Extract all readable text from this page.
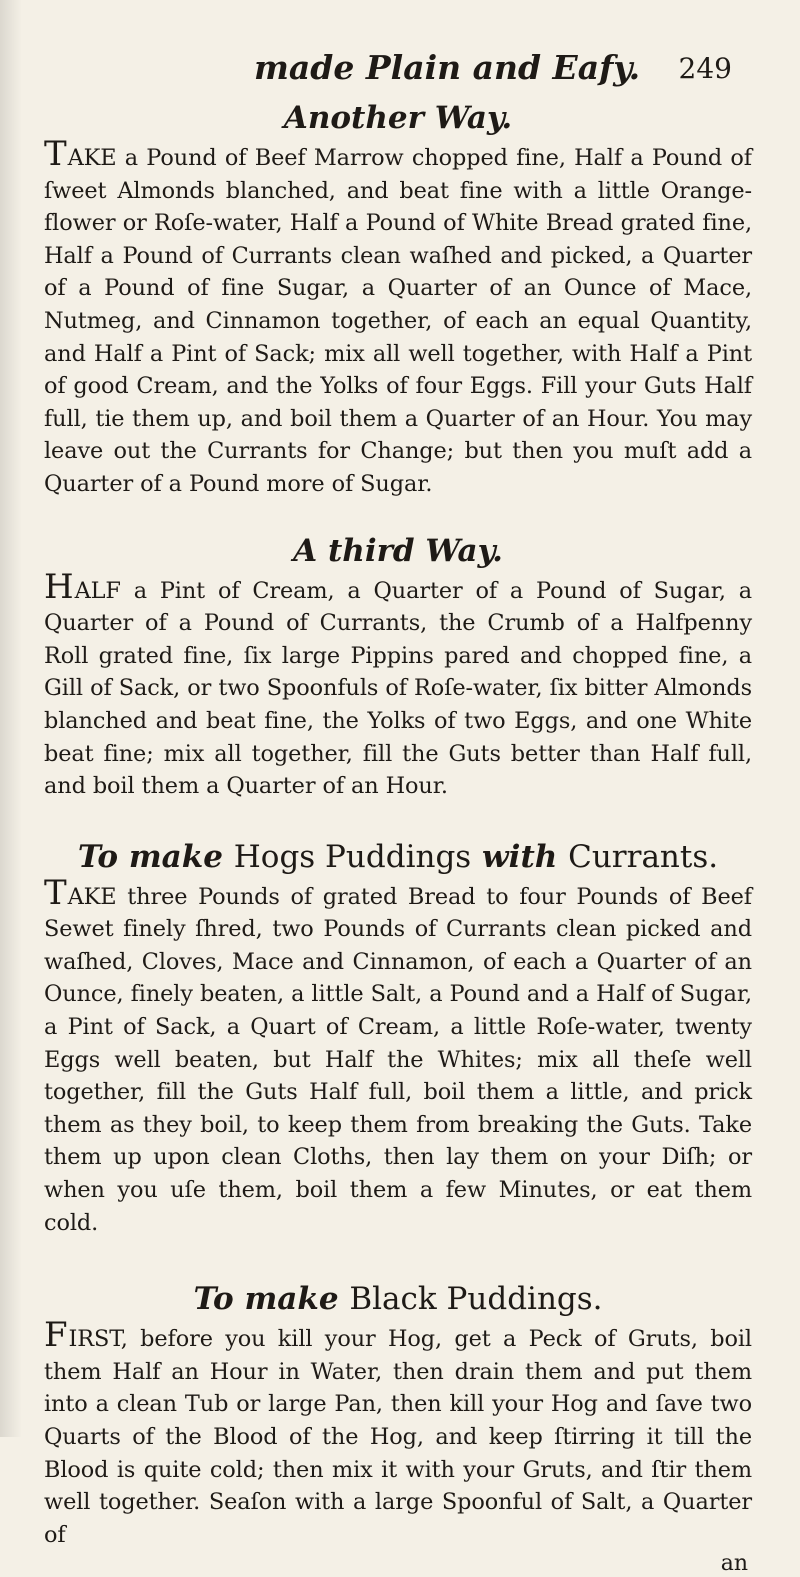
made Plain and Eafy. 249
Another Way.

TAKE a Pound of Beef Marrow chopped fine, Half a Pound of ſweet Almonds blanched, and beat fine with a little Orange-flower or Roſe-water, Half a Pound of White Bread grated fine, Half a Pound of Currants clean waſhed and picked, a Quarter of a Pound of fine Sugar, a Quarter of an Ounce of Mace, Nutmeg, and Cinnamon together, of each an equal Quantity, and Half a Pint of Sack; mix all well together, with Half a Pint of good Cream, and the Yolks of four Eggs. Fill your Guts Half full, tie them up, and boil them a Quarter of an Hour. You may leave out the Currants for Change; but then you muſt add a Quarter of a Pound more of Sugar.

A third Way.

HALF a Pint of Cream, a Quarter of a Pound of Sugar, a Quarter of a Pound of Currants, the Crumb of a Halfpenny Roll grated fine, ſix large Pippins pared and chopped fine, a Gill of Sack, or two Spoonfuls of Roſe-water, ſix bitter Almonds blanched and beat fine, the Yolks of two Eggs, and one White beat fine; mix all together, fill the Guts better than Half full, and boil them a Quarter of an Hour.

To make Hogs Puddings with Currants.

TAKE three Pounds of grated Bread to four Pounds of Beef Sewet finely ſhred, two Pounds of Currants clean picked and waſhed, Cloves, Mace and Cinnamon, of each a Quarter of an Ounce, finely beaten, a little Salt, a Pound and a Half of Sugar, a Pint of Sack, a Quart of Cream, a little Roſe-water, twenty Eggs well beaten, but Half the Whites; mix all theſe well together, fill the Guts Half full, boil them a little, and prick them as they boil, to keep them from breaking the Guts. Take them up upon clean Cloths, then lay them on your Diſh; or when you uſe them, boil them a few Minutes, or eat them cold.

To make Black Puddings.

FIRST, before you kill your Hog, get a Peck of Gruts, boil them Half an Hour in Water, then drain them and put them into a clean Tub or large Pan, then kill your Hog and ſave two Quarts of the Blood of the Hog, and keep ſtirring it till the Blood is quite cold; then mix it with your Gruts, and ſtir them well together. Seaſon with a large Spoonful of Salt, a Quarter of

an
